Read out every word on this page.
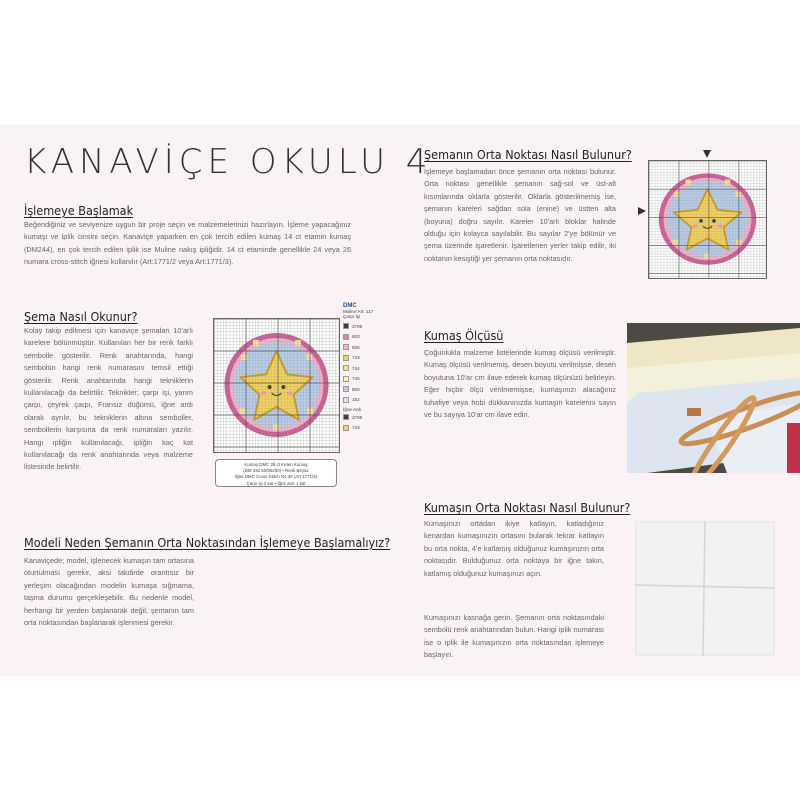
KANAVİÇE OKULU 4
İşlemeye Başlamak
Beğendiğiniz ve seviyenize uygun bir proje seçin ve malzemelerinizi hazırlayın. İşleme yapacağınız kumaşı ve iplik cinsini seçin. Kanaviçe yaparken en çok tercih edilen kumaş 14 ct etamin kumaş (DM244), en çok tercih edilen iplik ise Muline nakış ipliğidir. 14 ct etaminde genellikle 24 veya 26 numara cross-stitch iğnesi kullanılır (Art:1771/2 veya Art:1771/3).
Şema Nasıl Okunur?
Kolay takip edilmesi için kanaviçe şemaları 10'arlı karelere bölünmüştür. Kullanılan her bir renk farklı sembolle gösterilir. Renk anahtarında, hangi sembolün hangi renk numarasını temsil ettiği gösterilir. Renk anahtarında hangi tekniklerin kullanılacağı da belirtilir. Teknikler; çarpı işi, yarım çarpı, çeyrek çarpı, Fransız düğümü, iğne ardı olarak ayrılır, bu tekniklerin altına semboller, sembollerin karşısına da renk numaraları yazılır. Hangi ipliğin kullanılacağı, ipliğin kaç kat kullanılacağı da renk anahtarında veya malzeme listesinde belirtilir.
DMC
Muline Art. 117
Çarpı İşi
3799
603
605
743
744
745
800
162
İğne Ardı
3799
743
Kumaş DMC 28 ct Keten Kumaş
(DM 432 50/85200) • Renk Beyaz
İğne DMC Cross Stitch No:26 (Art:1771/3)
Çarpı işi 2 kat • İğne ardı 1 kat
Modeli Neden Şemanın Orta Noktasından İşlemeye Başlamalıyız?
Kanaviçede; model, işlenecek kumaşın tam ortasına oturtulması gerekir, aksi takdirde orantısız bir yerleşim olacağından modelin kumaşa sığmama, taşma durumu gerçekleşebilir. Bu nedenle model, herhangi bir yerden başlanarak değil, şemanın tam orta noktasından başlanarak işlenmesi gerekir.
Şemanın Orta Noktası Nasıl Bulunur?
İşlemeye başlamadan önce şemanın orta noktası bulunur. Orta noktası genellikle şemanın sağ-sol ve üst-alt kısımlarında oklarla gösterilir. Oklarla gösterilmemiş ise, şemanın kareleri sağdan sola (enine) ve üstten alta (boyuna) doğru sayılır. Kareler 10'arlı bloklar halinde olduğu için kolayca sayılabilir. Bu sayılar 2'ye bölünür ve şema üzerinde işaretlenir. İşaretlenen yerler takip edilir, iki noktanın kesiştiği yer şemanın orta noktasıdır.
Kumaş Ölçüsü
Çoğunlukla malzeme listelerinde kumaş ölçüsü verilmiştir. Kumaş ölçüsü verilmemiş, desen boyutu verilmişse, desen boyutuna 10'ar cm ilave ederek kumaş ölçünüzü belirleyin. Eğer hiçbir ölçü verilmemişse, kumaşınızı alacağınız tuhafiye veya hobi dükkanınızda kumaşın karelerini sayın ve bu sayıya 10'ar cm ilave edin.
Kumaşın Orta Noktası Nasıl Bulunur?
Kumaşınızı ortadan ikiye katlayın, katladığınız kenardan kumaşınızın ortasını bularak tekrar katlayın bu orta nokta, 4'e katlamış olduğunuz kumaşınızın orta noktasıdır. Bulduğunuz orta noktaya bir iğne takın, katlamış olduğunuz kumaşınızı açın.
Kumaşınızı kasnağa gerin. Şemanın orta noktasındaki sembolü renk anahtarından bulun. Hangi iplik numarası ise o iplik ile kumaşınızın orta noktasından işlemeye başlayın.
